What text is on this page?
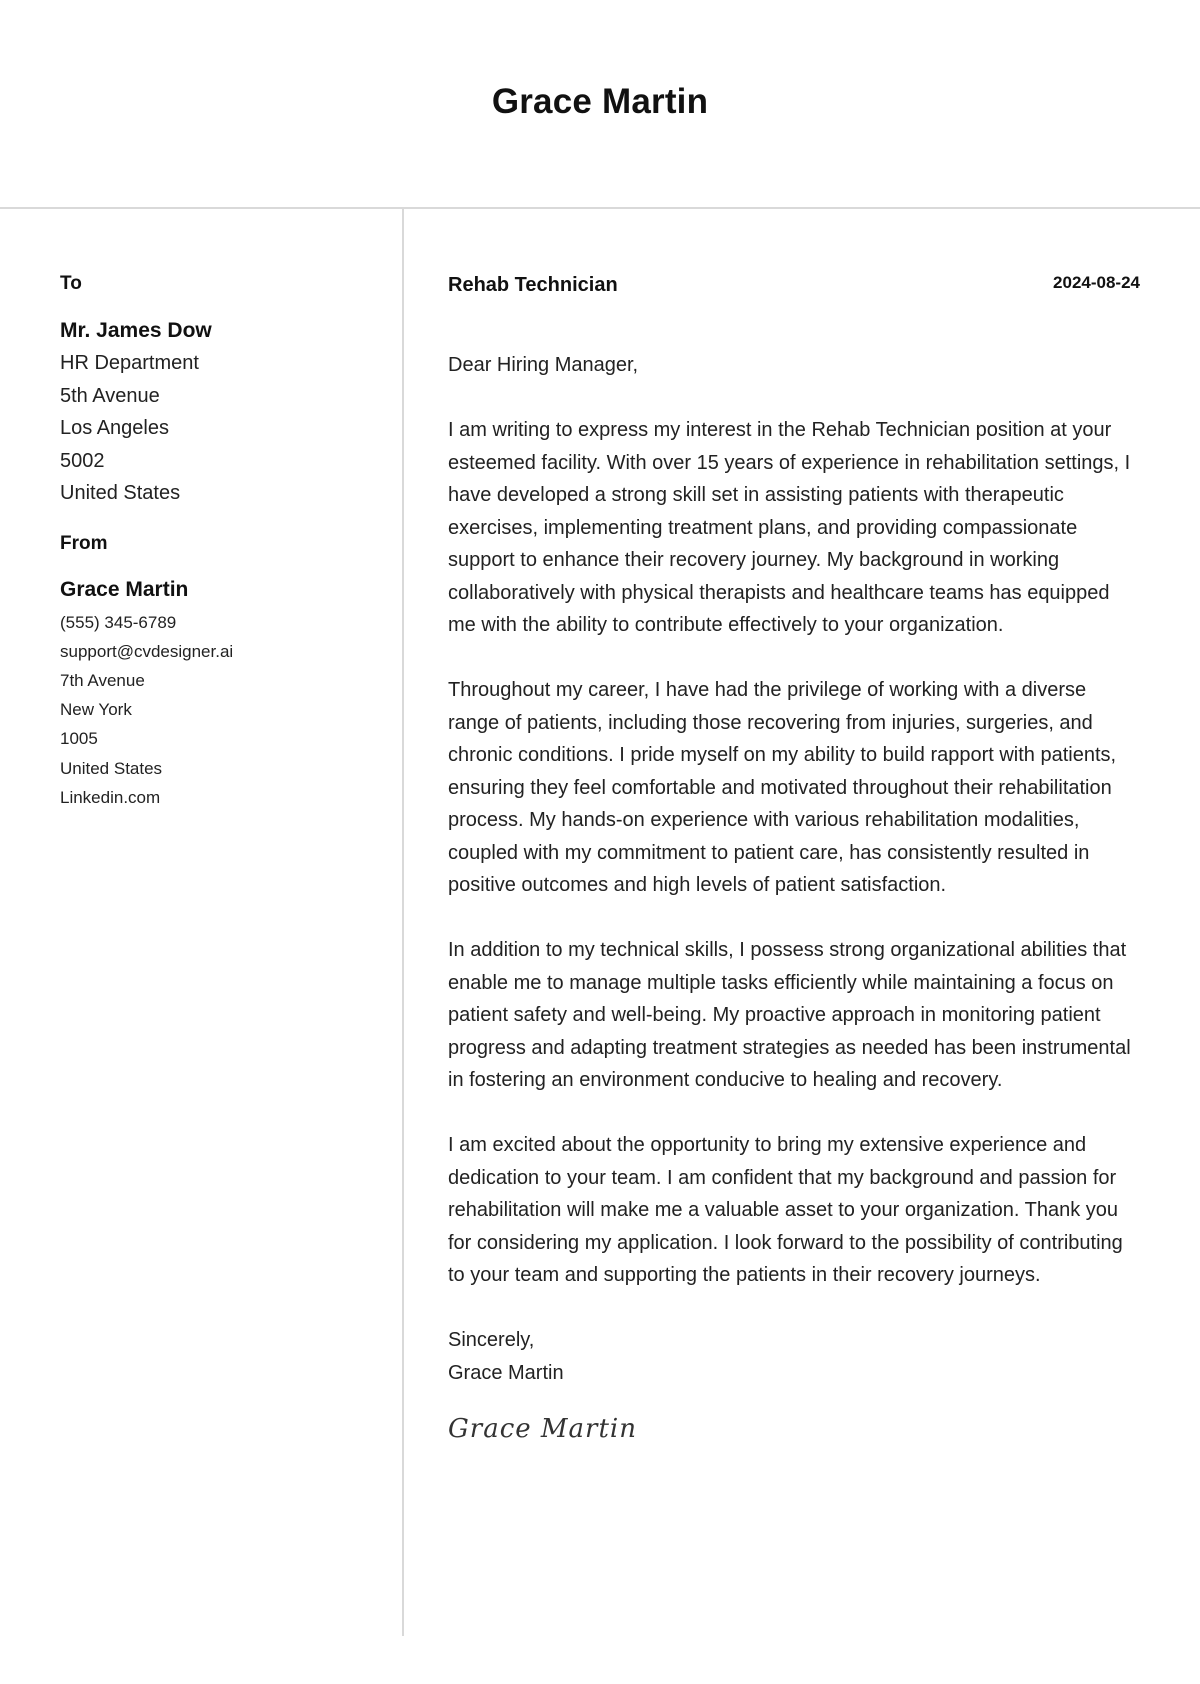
Grace Martin
To
Mr. James Dow
HR Department
5th Avenue
Los Angeles
5002
United States
From
Grace Martin
(555) 345-6789
support@cvdesigner.ai
7th Avenue
New York
1005
United States
Linkedin.com
Rehab Technician	2024-08-24

Dear Hiring Manager,

I am writing to express my interest in the Rehab Technician position at your esteemed facility. With over 15 years of experience in rehabilitation settings, I have developed a strong skill set in assisting patients with therapeutic exercises, implementing treatment plans, and providing compassionate support to enhance their recovery journey. My background in working collaboratively with physical therapists and healthcare teams has equipped me with the ability to contribute effectively to your organization.

Throughout my career, I have had the privilege of working with a diverse range of patients, including those recovering from injuries, surgeries, and chronic conditions. I pride myself on my ability to build rapport with patients, ensuring they feel comfortable and motivated throughout their rehabilitation process. My hands-on experience with various rehabilitation modalities, coupled with my commitment to patient care, has consistently resulted in positive outcomes and high levels of patient satisfaction.

In addition to my technical skills, I possess strong organizational abilities that enable me to manage multiple tasks efficiently while maintaining a focus on patient safety and well-being. My proactive approach in monitoring patient progress and adapting treatment strategies as needed has been instrumental in fostering an environment conducive to healing and recovery.

I am excited about the opportunity to bring my extensive experience and dedication to your team. I am confident that my background and passion for rehabilitation will make me a valuable asset to your organization. Thank you for considering my application. I look forward to the possibility of contributing to your team and supporting the patients in their recovery journeys.

Sincerely,

Grace Martin

Grace Martin
